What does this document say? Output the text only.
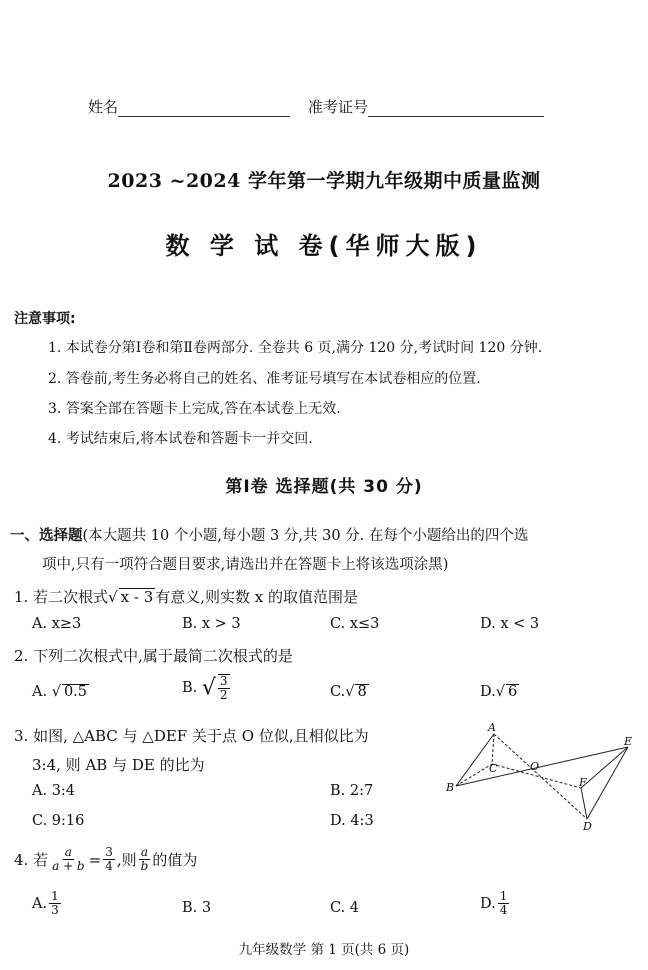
姓名	准考证号
2023 ~2024 学年第一学期九年级期中质量监测
数 学 试 卷(华师大版)
注意事项:
1. 本试卷分第Ⅰ卷和第Ⅱ卷两部分. 全卷共 6 页,满分 120 分,考试时间 120 分钟.
2. 答卷前,考生务必将自己的姓名、准考证号填写在本试卷相应的位置.
3. 答案全部在答题卡上完成,答在本试卷上无效.
4. 考试结束后,将本试卷和答题卡一并交回.
第Ⅰ卷 选择题(共 30 分)
一、选择题(本大题共 10 个小题,每小题 3 分,共 30 分. 在每个小题给出的四个选
项中,只有一项符合题目要求,请选出并在答题卡上将该选项涂黑)
1. 若二次根式√ x - 3 有意义,则实数 x 的取值范围是
A. x≥3	B. x > 3	C. x≤3	D. x < 3
2. 下列二次根式中,属于最简二次根式的是
A. √ 0.5	B. √ $\frac{3}{2}$	C.√ 8	D.√ 6
3. 如图, △ABC 与 △DEF 关于点 O 位似,且相似比为
3:4, 则 AB 与 DE 的比为
A. 3:4	B. 2:7
C. 9:16	D. 4:3
A
B
C	O
E
F
D
4. 若 $\frac{a}{a + b} = \frac{3}{4}$ ,则 $\frac{a}{b}$ 的值为
A. $\frac{1}{3}$	B. 3	C. 4	D. $\frac{1}{4}$
九年级数学 第 1 页(共 6 页)
